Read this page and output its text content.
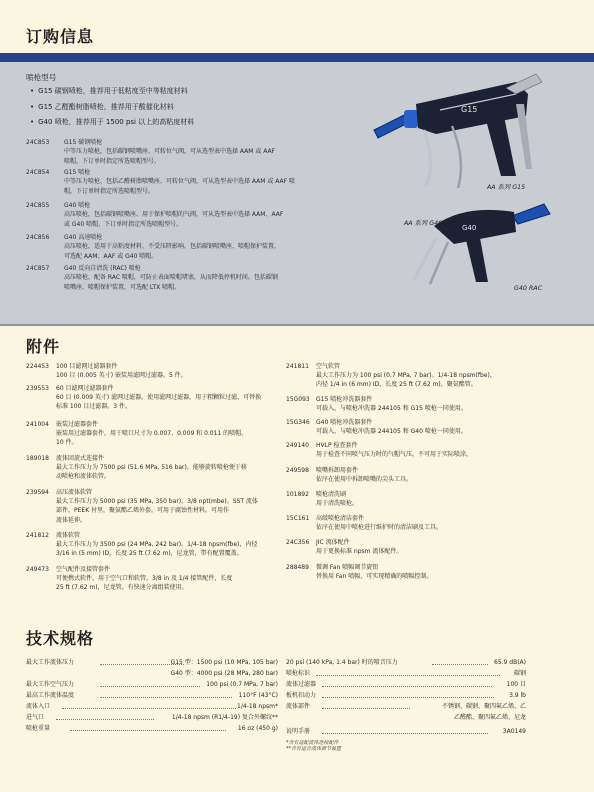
订购信息
喷枪型号
• G15 碳钢喷枪，推荐用于低粘度至中等粘度材料
• G15 乙醛酯树脂喷枪，推荐用于酸催化材料
• G40 喷枪，推荐用于 1500 psi 以上的高粘度材料
24C853	G15 碳钢喷枪
中等压力喷枪，包括碳钢喷嘴座、可转位气阀，可从选型表中选择 AAM 或 AAF
喷帽，下订单时指定所选喷帽型号。
24C854	G15 喷枪
中等压力喷枪，包括乙醛树脂喷嘴座、可转位气阀，可从选型表中选择 AAM 或 AAF 喷
帽，下订单时指定所选喷帽型号。
24C855	G40 喷枪
高压喷枪，包括碳钢喷嘴座、用于保护喷帽的气阀，可从选型表中选择 AAM、AAF
或 G40 喷帽，下订单时指定所选喷帽型号。
24C856	G40 高速喷枪
高压喷枪，适用于高粘度材料，不受压降影响。包括碳钢喷嘴座、喷帽保护装置，
可选配 AAM、AAF 或 G40 喷帽。
24C857	G40 反向自清洗 (RAC) 喷枪
高压喷枪，配备 RAC 喷帽，可防止表面喷帽堵塞，从而降低停机时间。包括碳钢
喷嘴座、喷帽保护装置，可选配 LTX 喷帽。
G15
G40
AA 系列 G15
AA 系列 G40
G40 RAC
附件
224453	100 目滤网过滤器套件
100 目 (0.005 英寸) 嵌装用滤网过滤器。5 件。
239553	60 目滤网过滤器套件
60 目 (0.009 英寸) 滤网过滤器。使用滤网过滤器，用于粗颗粒过滤，可替换
标准 100 目过滤器。3 件。
241004	嵌装过滤器套件
嵌装用过滤器套件，用于喷口尺寸为 0.007、0.009 和 0.011 的喷帽。
10 件。
189018	流体回旋式连接件
最大工作压力为 7500 psi (51.6 MPa, 516 bar)。能够旋转喷枪便于移
动喷枪和流体软管。
239594	高压流体软管
最大工作压力为 5000 psi (35 MPa, 350 bar)，3/8 npt(mbe)。SST 流体
部件，PEEK 衬里，聚氨酯乙烯外套。可用于腐蚀性材料。可用作
流体延伸。
241812	流体软管
最大工作压力为 3500 psi (24 MPa, 242 bar)。1/4-18 npsm(fbe)，内径
3/16 in (5 mm) ID，长度 25 ft (7.62 m)，尼龙管，带有配置覆盖。
249473	空气配件及接管套件
可便携式软件，用于空气口和软管。3/8 in 及 1/4 接管配件，长度
25 ft (7.62 m)，尼龙管。有快速分离组装使用。
241811	空气软管
最大工作压力为 100 psi (0.7 MPa, 7 bar)。1/4-18 npsm(fbe)，
内径 1/4 in (6 mm) ID，长度 25 ft (7.62 m)，聚氨酯管。
15G093	G15 喷枪冲洗器套件
可载入，与喷枪冲洗器 244105 和 G15 喷枪一同使用。
15G346	G40 喷枪冲洗器套件
可载入，与喷枪冲洗器 244105 和 G40 喷枪一同使用。
249140	HVLP 检查套件
用于检查不同喷气压力时的气帽气压。不可用于实际喷涂。
249598	喷嘴拆卸用套件
依序在使用中拆卸喷嘴的尖头工具。
101892	喷枪清洗刷
用于清洗喷枪。
15C161	高级喷枪清洁套件
依序在使用中喷枪进行维护时的清洁刷及工具。
24C356	JIC 流体配件
用于更换标准 npsm 流体配件。
288489	微调 Fan 喷幅调节旋钮
替换用 Fan 喷幅，可实现精确的喷幅控制。
技术规格
最大工作流体压力	G15 型：1500 psi (10 MPa, 105 bar)
G40 型：4000 psi (28 MPa, 280 bar)
最大工作空气压力	100 psi (0.7 MPa, 7 bar)
最高工作流体温度	110°F (43°C)
流体入口	1/4-18 npsm*
进气口	1/4-18 npsm (R1/4-19) 复合外螺纹**
喷枪重量	16 oz (450 g)
20 psi (140 kPa, 1.4 bar) 时的喷音压力	65.9 dB(A)
喷枪标识	碳钢
流体过滤器	100 目
板机扣动力	3.9 lb
流体部件	不锈钢、碳钢、聚四氟乙烯、乙
乙醛酯、聚四氟乙烯、尼龙
说明手册	3A0149
*含有适配流体连接配件
**含有适合流体调节装置
